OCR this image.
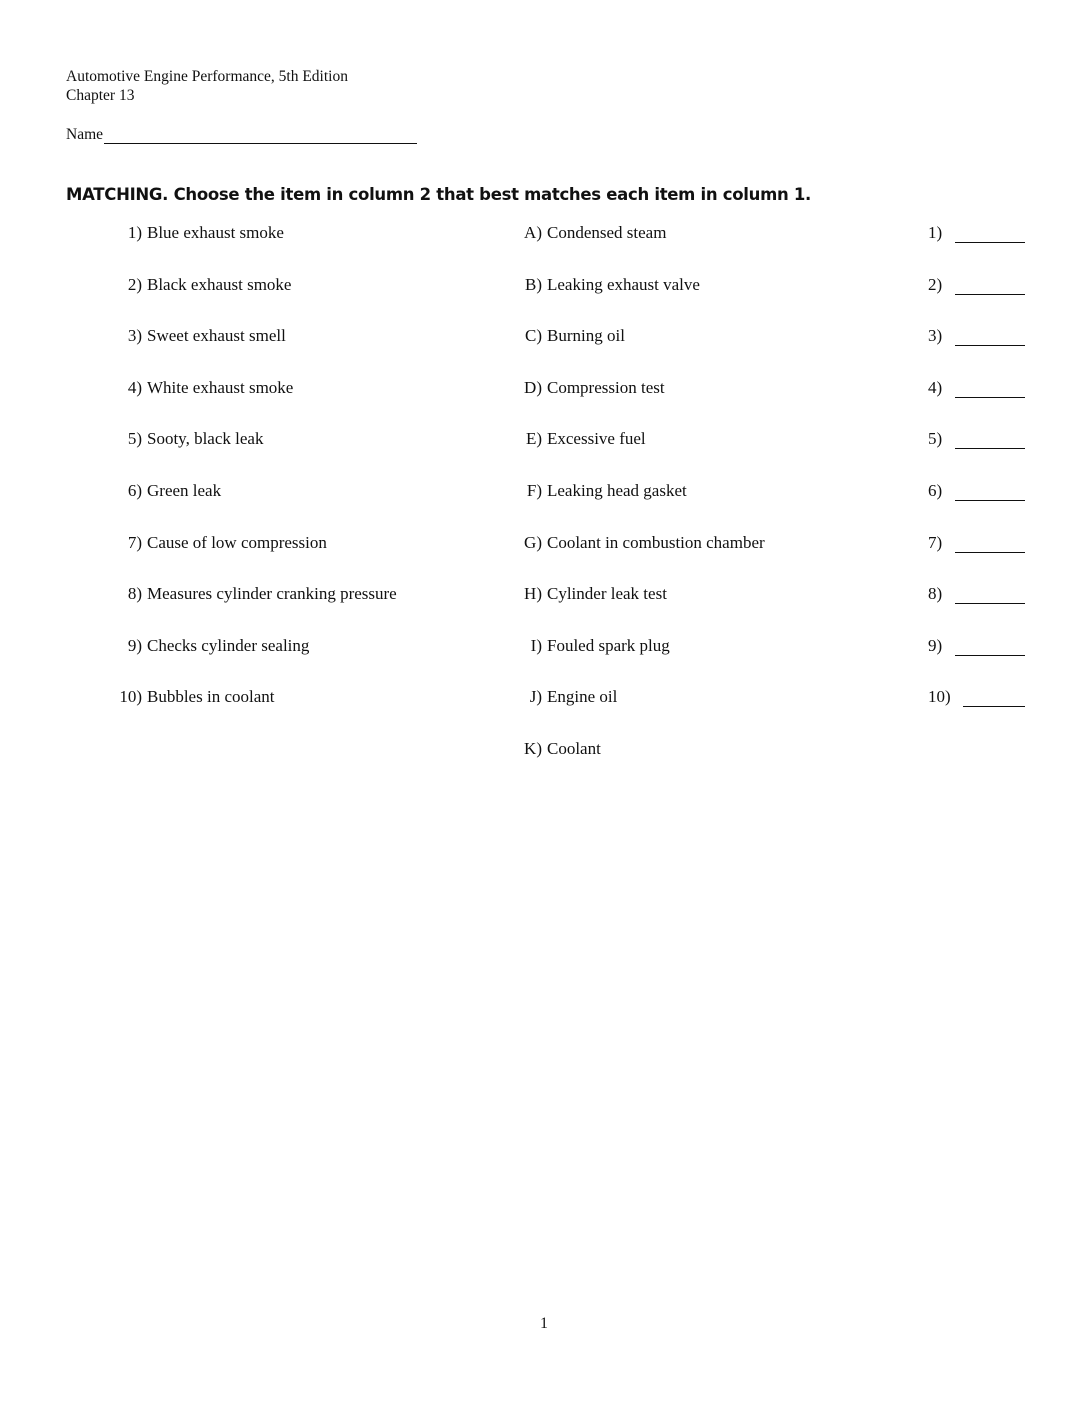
Automotive Engine Performance, 5th Edition
Chapter 13
Name
MATCHING. Choose the item in column 2 that best matches each item in column 1.
1) Blue exhaust smoke	A) Condensed steam	1)
2) Black exhaust smoke	B) Leaking exhaust valve	2)
3) Sweet exhaust smell	C) Burning oil	3)
4) White exhaust smoke	D) Compression test	4)
5) Sooty, black leak	E) Excessive fuel	5)
6) Green leak	F) Leaking head gasket	6)
7) Cause of low compression	G) Coolant in combustion chamber	7)
8) Measures cylinder cranking pressure	H) Cylinder leak test	8)
9) Checks cylinder sealing	I) Fouled spark plug	9)
10) Bubbles in coolant	J) Engine oil	10)
K) Coolant
1
